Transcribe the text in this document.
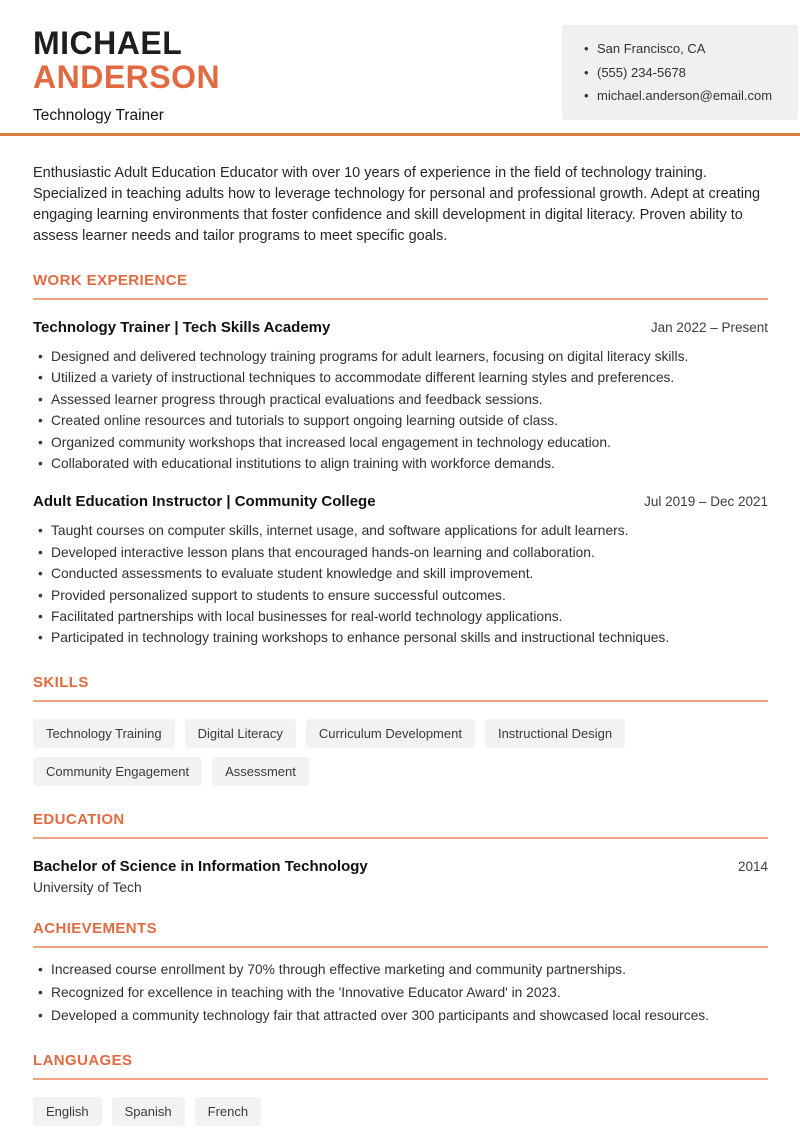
MICHAEL
ANDERSON
Technology Trainer
• San Francisco, CA
• (555) 234-5678
• michael.anderson@email.com

Enthusiastic Adult Education Educator with over 10 years of experience in the field of technology training. Specialized in teaching adults how to leverage technology for personal and professional growth. Adept at creating engaging learning environments that foster confidence and skill development in digital literacy. Proven ability to assess learner needs and tailor programs to meet specific goals.

WORK EXPERIENCE
Technology Trainer | Tech Skills Academy	Jan 2022 – Present
• Designed and delivered technology training programs for adult learners, focusing on digital literacy skills.
• Utilized a variety of instructional techniques to accommodate different learning styles and preferences.
• Assessed learner progress through practical evaluations and feedback sessions.
• Created online resources and tutorials to support ongoing learning outside of class.
• Organized community workshops that increased local engagement in technology education.
• Collaborated with educational institutions to align training with workforce demands.
Adult Education Instructor | Community College	Jul 2019 – Dec 2021
• Taught courses on computer skills, internet usage, and software applications for adult learners.
• Developed interactive lesson plans that encouraged hands-on learning and collaboration.
• Conducted assessments to evaluate student knowledge and skill improvement.
• Provided personalized support to students to ensure successful outcomes.
• Facilitated partnerships with local businesses for real-world technology applications.
• Participated in technology training workshops to enhance personal skills and instructional techniques.
SKILLS
Technology Training	Digital Literacy	Curriculum Development	Instructional Design
Community Engagement	Assessment
EDUCATION
Bachelor of Science in Information Technology	2014
University of Tech
ACHIEVEMENTS
• Increased course enrollment by 70% through effective marketing and community partnerships.
• Recognized for excellence in teaching with the 'Innovative Educator Award' in 2023.
• Developed a community technology fair that attracted over 300 participants and showcased local resources.
LANGUAGES
English	Spanish	French
